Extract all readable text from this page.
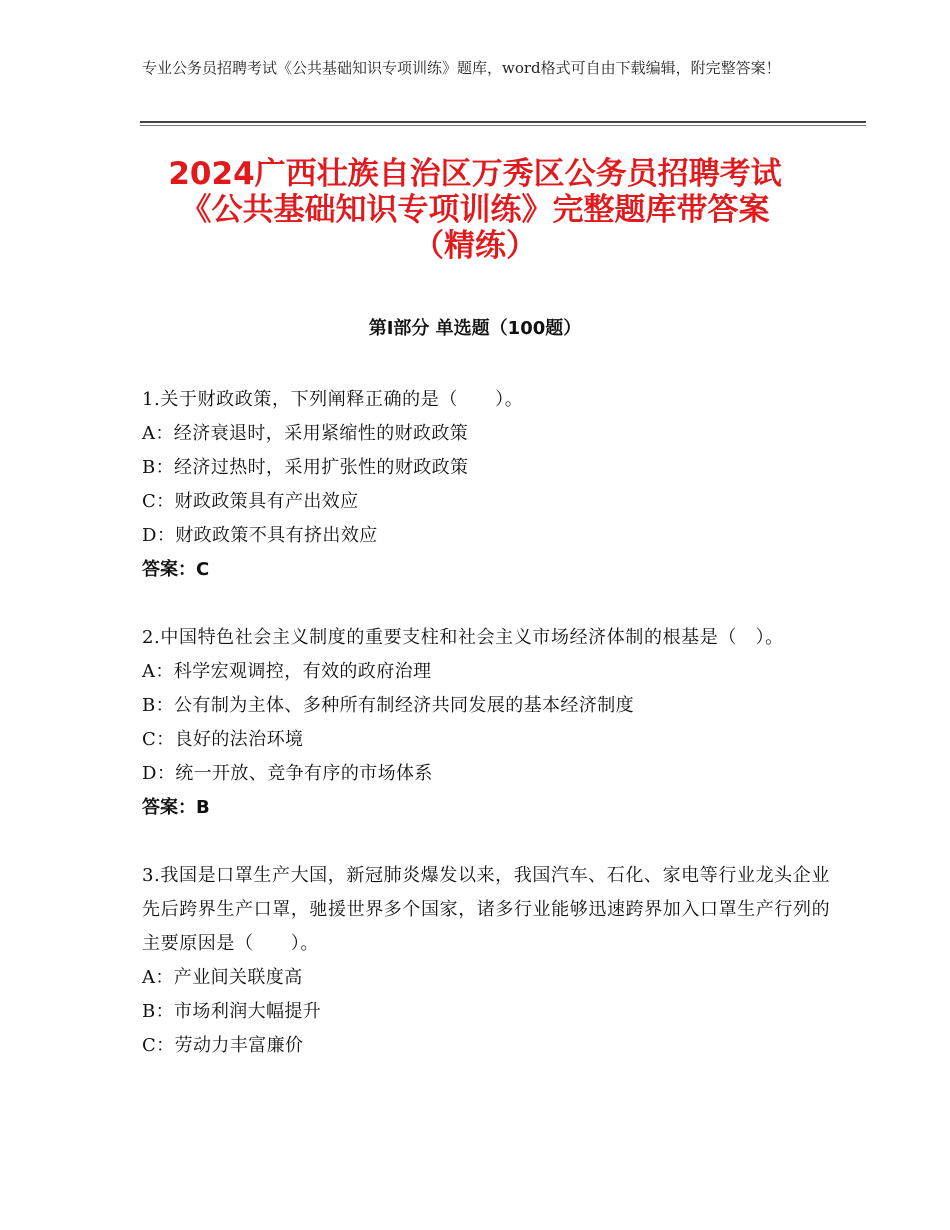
专业公务员招聘考试《公共基础知识专项训练》题库，word格式可自由下载编辑，附完整答案！
2024广西壮族自治区万秀区公务员招聘考试
《公共基础知识专项训练》完整题库带答案
（精练）
第Ⅰ部分 单选题（100题）

1.关于财政政策，下列阐释正确的是（　　）。

A：经济衰退时，采用紧缩性的财政政策

B：经济过热时，采用扩张性的财政政策

C：财政政策具有产出效应

D：财政政策不具有挤出效应

答案：C

2.中国特色社会主义制度的重要支柱和社会主义市场经济体制的根基是（　）。

A：科学宏观调控，有效的政府治理

B：公有制为主体、多种所有制经济共同发展的基本经济制度

C：良好的法治环境

D：统一开放、竞争有序的市场体系

答案：B

3.我国是口罩生产大国，新冠肺炎爆发以来，我国汽车、石化、家电等行业龙头企业先后跨界生产口罩，驰援世界多个国家，诸多行业能够迅速跨界加入口罩生产行列的主要原因是（　　）。

A：产业间关联度高

B：市场利润大幅提升

C：劳动力丰富廉价
